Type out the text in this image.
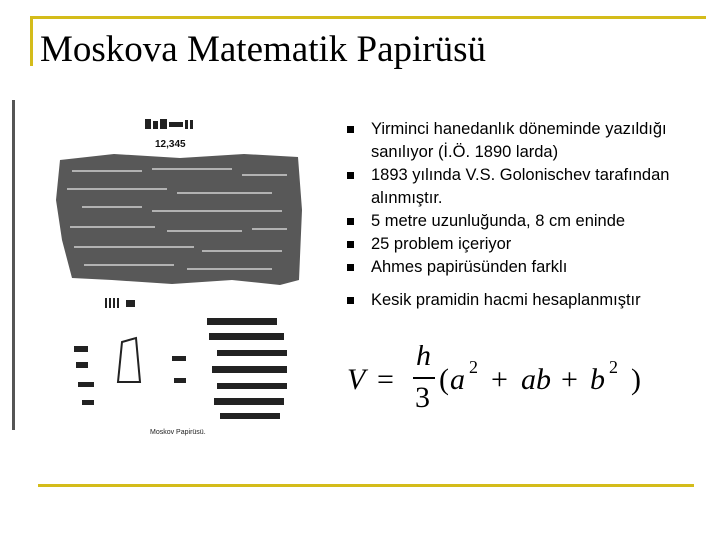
Moskova Matematik Papirüsü
12,345
Moskov Papirüsü.
Yirminci hanedanlık döneminde yazıldığı sanılıyor (İ.Ö. 1890 larda)
1893 yılında V.S. Golonischev tarafından alınmıştır.
5 metre uzunluğunda, 8 cm eninde
25 problem içeriyor
Ahmes papirüsünden farklı
Kesik pramidin hacmi hesaplanmıştır
V =
h
3
( a 2 + ab + b 2 )
